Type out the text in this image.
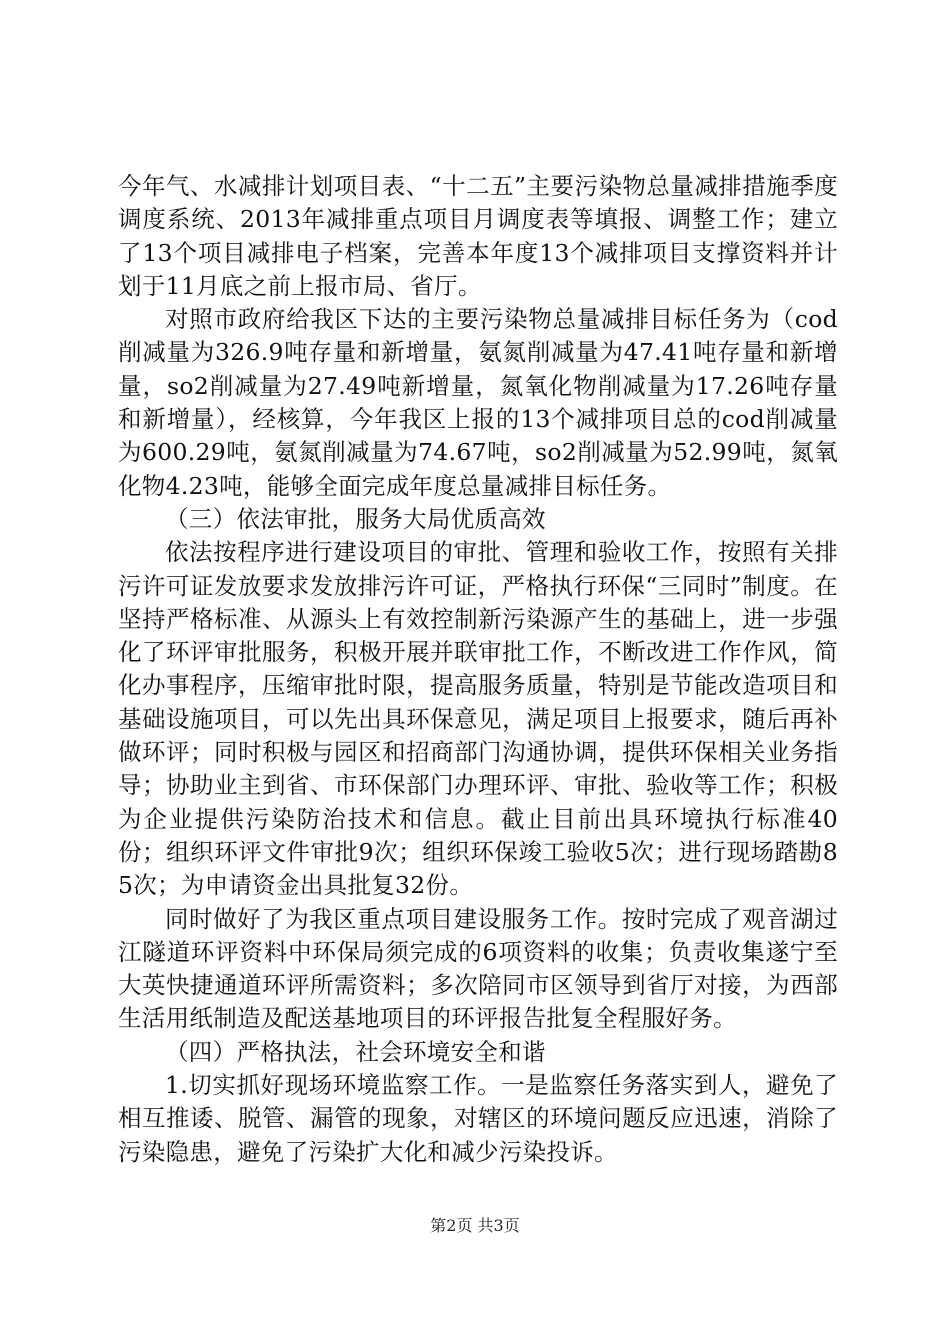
今年气、水减排计划项目表、“十二五”主要污染物总量减排措施季度调度系统、2013年减排重点项目月调度表等填报、调整工作；建立了13个项目减排电子档案，完善本年度13个减排项目支撑资料并计划于11月底之前上报市局、省厅。

对照市政府给我区下达的主要污染物总量减排目标任务为（cod削减量为326.9吨存量和新增量，氨氮削减量为47.41吨存量和新增量，so2削减量为27.49吨新增量，氮氧化物削减量为17.26吨存量和新增量），经核算，今年我区上报的13个减排项目总的cod削减量为600.29吨，氨氮削减量为74.67吨，so2削减量为52.99吨，氮氧化物4.23吨，能够全面完成年度总量减排目标任务。

（三）依法审批，服务大局优质高效

依法按程序进行建设项目的审批、管理和验收工作，按照有关排污许可证发放要求发放排污许可证，严格执行环保“三同时”制度。在坚持严格标准、从源头上有效控制新污染源产生的基础上，进一步强化了环评审批服务，积极开展并联审批工作，不断改进工作作风，简化办事程序，压缩审批时限，提高服务质量，特别是节能改造项目和基础设施项目，可以先出具环保意见，满足项目上报要求，随后再补做环评；同时积极与园区和招商部门沟通协调，提供环保相关业务指导；协助业主到省、市环保部门办理环评、审批、验收等工作；积极为企业提供污染防治技术和信息。截止目前出具环境执行标准40份；组织环评文件审批9次；组织环保竣工验收5次；进行现场踏勘85次；为申请资金出具批复32份。

同时做好了为我区重点项目建设服务工作。按时完成了观音湖过江隧道环评资料中环保局须完成的6项资料的收集；负责收集遂宁至大英快捷通道环评所需资料；多次陪同市区领导到省厅对接，为西部生活用纸制造及配送基地项目的环评报告批复全程服好务。

（四）严格执法，社会环境安全和谐

1.切实抓好现场环境监察工作。一是监察任务落实到人，避免了相互推诿、脱管、漏管的现象，对辖区的环境问题反应迅速，消除了污染隐患，避免了污染扩大化和减少污染投诉。

第2页 共3页
